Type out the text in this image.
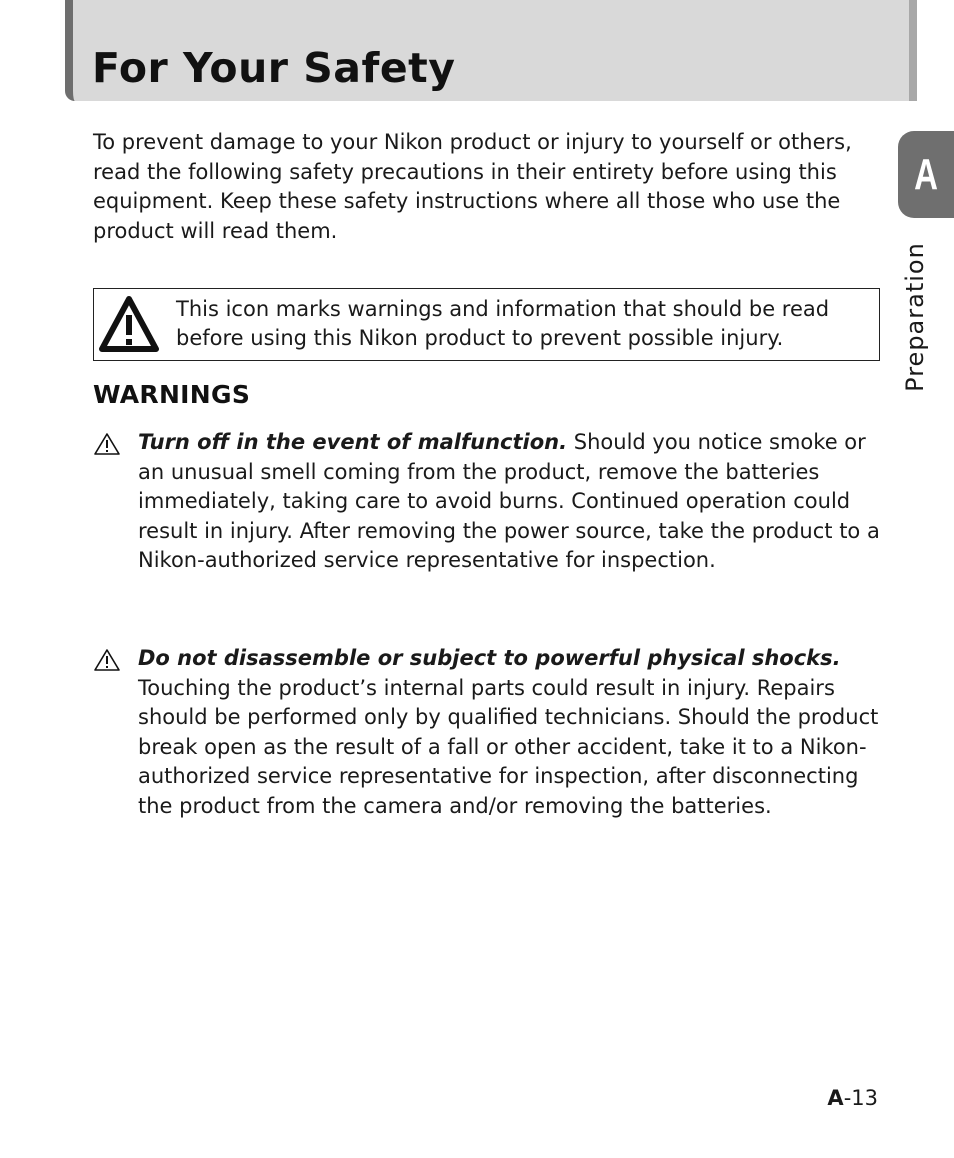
For Your Safety

To prevent damage to your Nikon product or injury to yourself or others, read the following safety precautions in their entirety before using this equipment. Keep these safety instructions where all those who use the product will read them.

This icon marks warnings and information that should be read before using this Nikon product to prevent possible injury.

WARNINGS

Turn off in the event of malfunction. Should you notice smoke or an unusual smell coming from the product, remove the batteries immediately, taking care to avoid burns. Continued operation could result in injury. After removing the power source, take the product to a Nikon-authorized service representative for inspection.

Do not disassemble or subject to powerful physical shocks.
Touching the product’s internal parts could result in injury. Repairs should be performed only by qualified technicians. Should the product break open as the result of a fall or other accident, take it to a Nikon-authorized service representative for inspection, after disconnecting the product from the camera and/or removing the batteries.

A
Preparation
A-13
